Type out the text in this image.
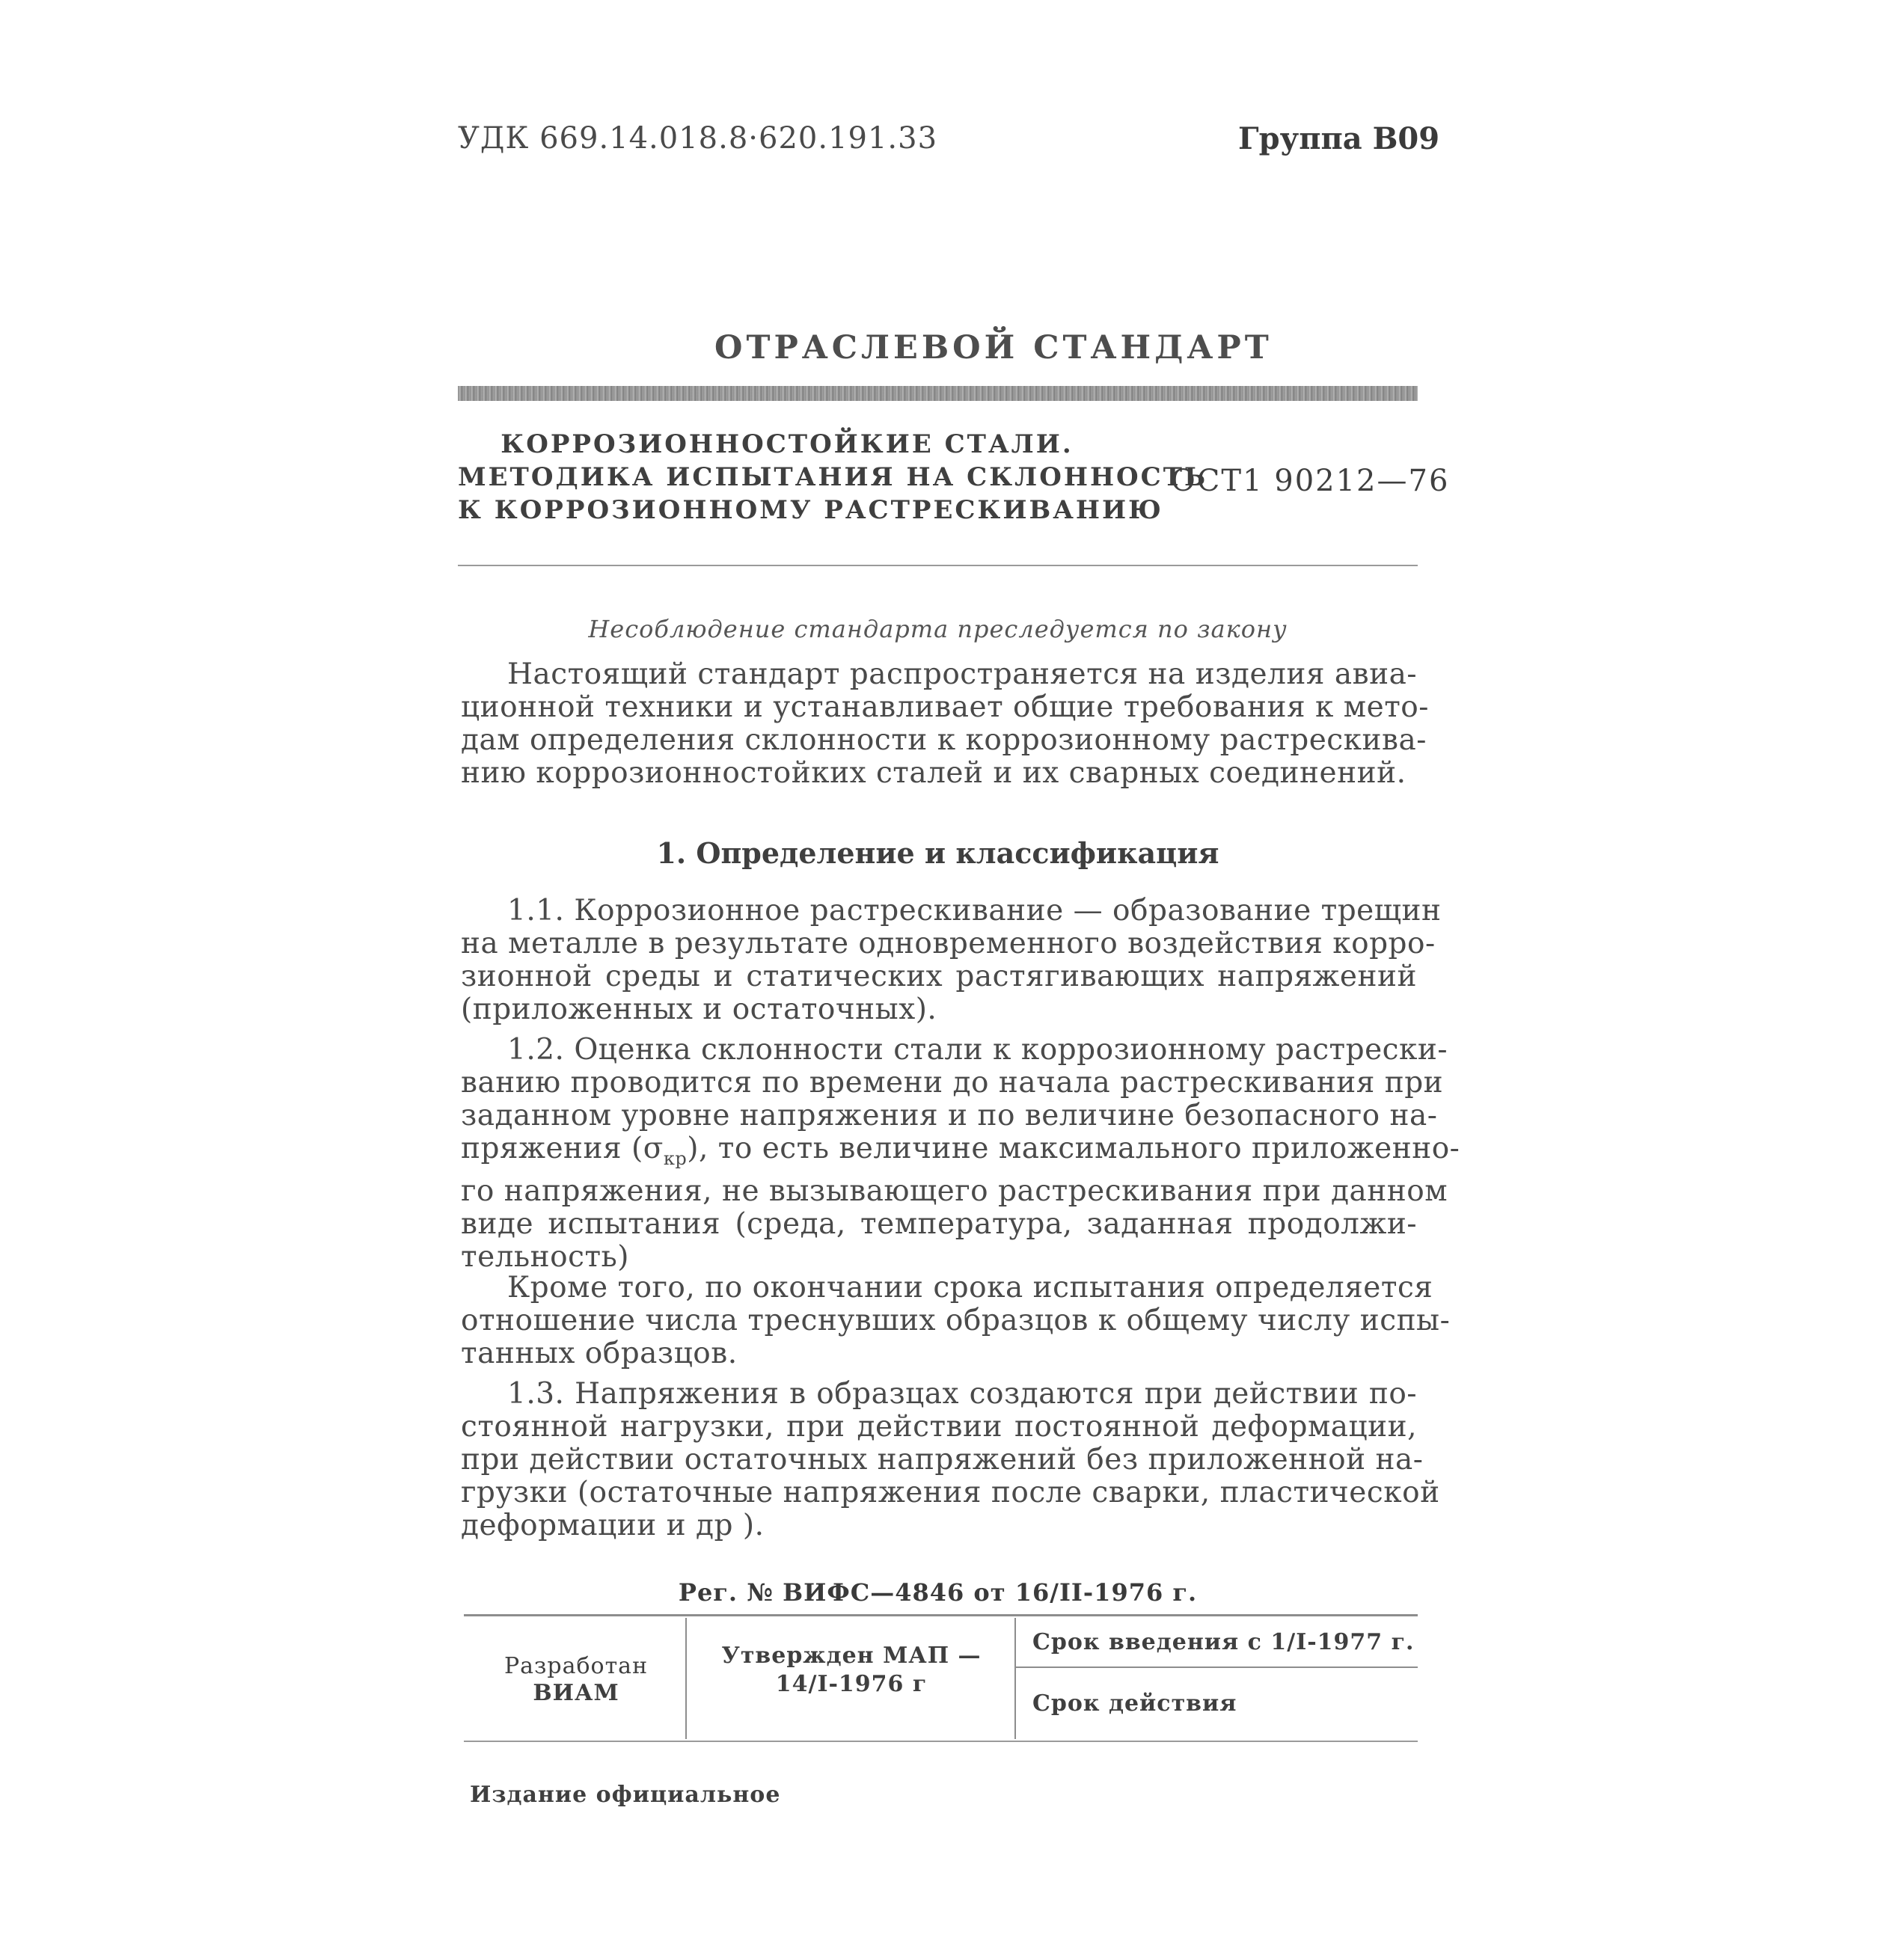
УДК 669.14.018.8·620.191.33	Группа В09
ОТРАСЛЕВОЙ СТАНДАРТ
КОРРОЗИОННОСТОЙКИЕ СТАЛИ.
МЕТОДИКА ИСПЫТАНИЯ НА СКЛОННОСТЬ
К КОРРОЗИОННОМУ РАСТРЕСКИВАНИЮ
ОСТ1 90212—76
Несоблюдение стандарта преследуется по закону
Настоящий стандарт распространяется на изделия авиа-
ционной техники и устанавливает общие требования к мето-
дам определения склонности к коррозионному растрескива-
нию коррозионностойких сталей и их сварных соединений.
1. Определение и классификация
1.1. Коррозионное растрескивание — образование трещин
на металле в результате одновременного воздействия корро-
зионной среды и статических растягивающих напряжений
(приложенных и остаточных).
1.2. Оценка склонности стали к коррозионному растрески-
ванию проводится по времени до начала растрескивания при
заданном уровне напряжения и по величине безопасного на-
пряжения $(\sigma_{кр})$, то есть величине максимального приложенно-
го напряжения, не вызывающего растрескивания при данном
виде испытания (среда, температура, заданная продолжи-
тельность)
Кроме того, по окончании срока испытания определяется
отношение числа треснувших образцов к общему числу испы-
танных образцов.
1.3. Напряжения в образцах создаются при действии по-
стоянной нагрузки, при действии постоянной деформации,
при действии остаточных напряжений без приложенной на-
грузки (остаточные напряжения после сварки, пластической
деформации и др ).
Рег. № ВИФС—4846 от 16/II-1976 г.
Разработан
ВИАМ
Утвержден МАП —
14/I-1976 г
Срок введения с 1/I-1977 г.
Срок действия
Издание официальное
